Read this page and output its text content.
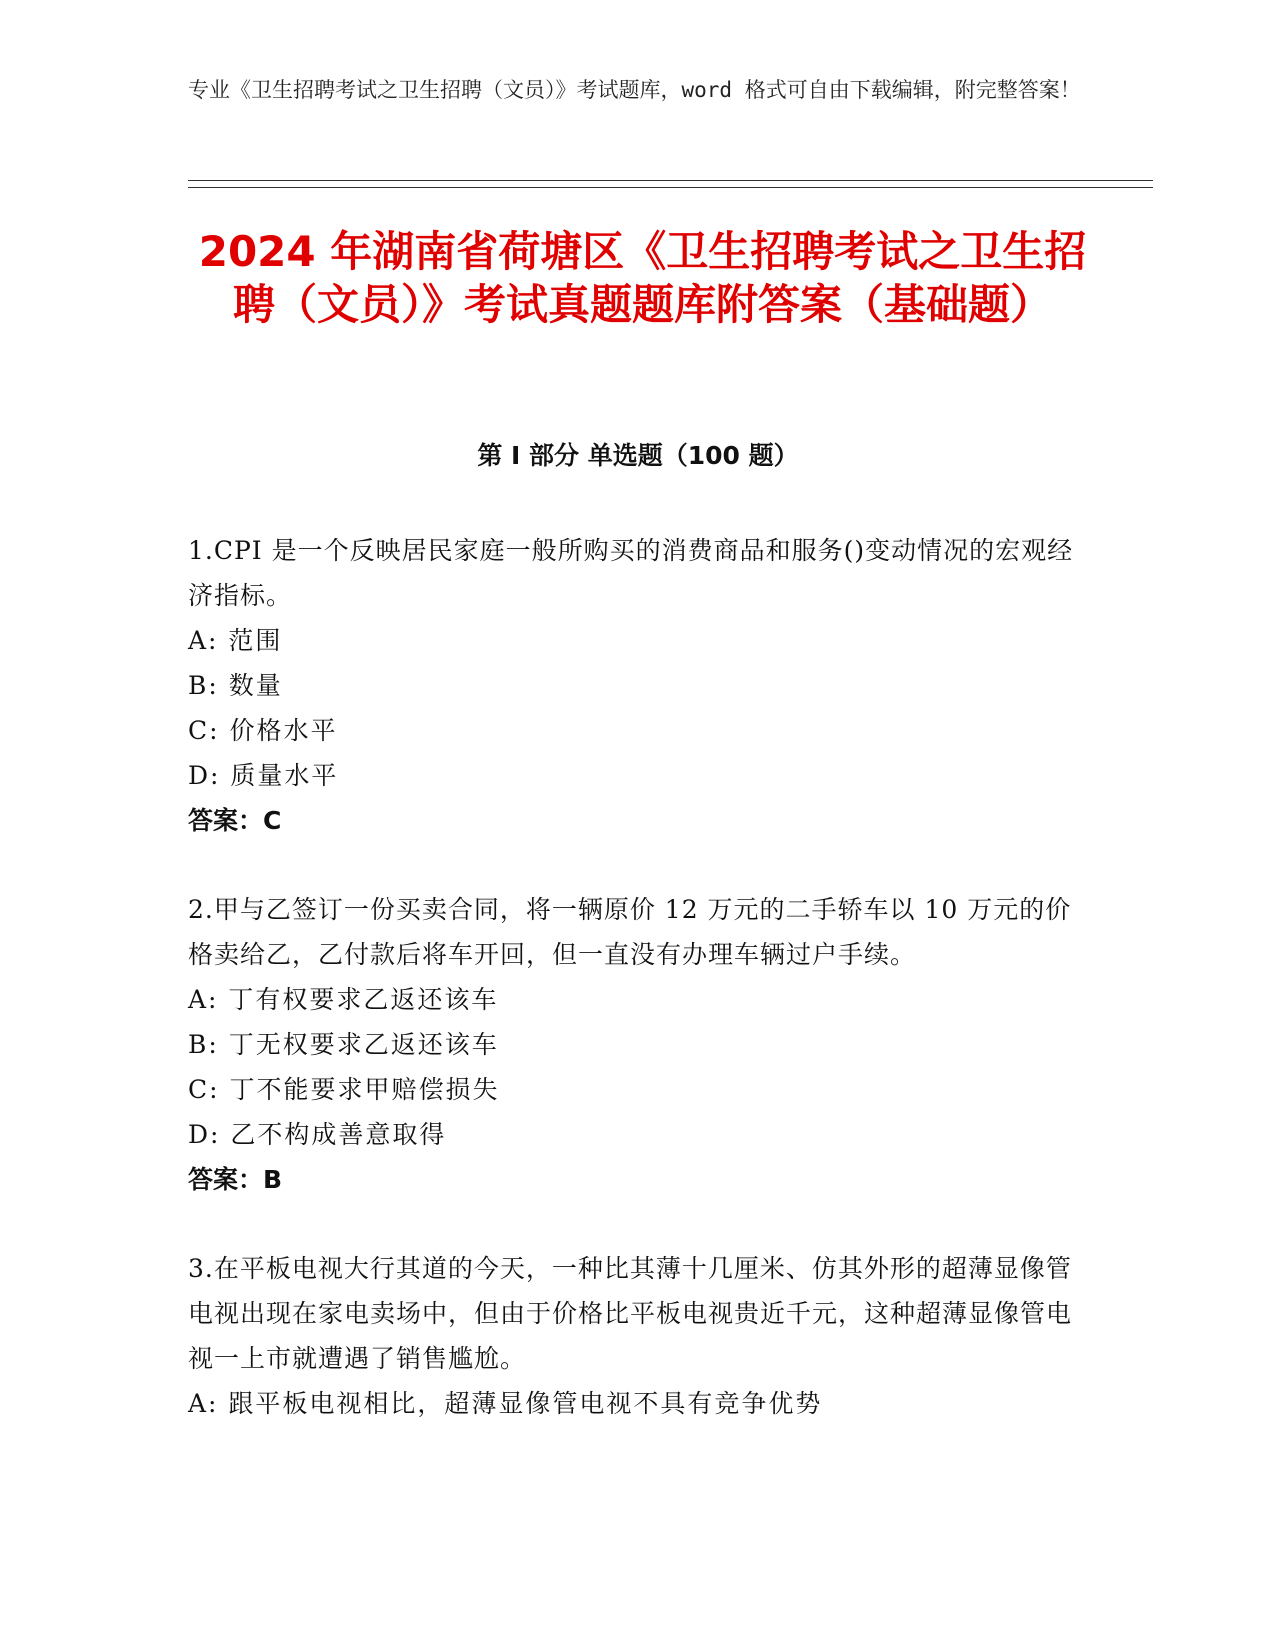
专业《卫生招聘考试之卫生招聘（文员）》考试题库，word 格式可自由下载编辑，附完整答案！
2024 年湖南省荷塘区《卫生招聘考试之卫生招聘（文员）》考试真题题库附答案（基础题）
第 I 部分 单选题（100 题）
1.CPI 是一个反映居民家庭一般所购买的消费商品和服务()变动情况的宏观经济指标。
A: 范围
B: 数量
C: 价格水平
D: 质量水平
答案：C
2.甲与乙签订一份买卖合同，将一辆原价 12 万元的二手轿车以 10 万元的价格卖给乙，乙付款后将车开回，但一直没有办理车辆过户手续。
A: 丁有权要求乙返还该车
B: 丁无权要求乙返还该车
C: 丁不能要求甲赔偿损失
D: 乙不构成善意取得
答案：B
3.在平板电视大行其道的今天，一种比其薄十几厘米、仿其外形的超薄显像管电视出现在家电卖场中，但由于价格比平板电视贵近千元，这种超薄显像管电视一上市就遭遇了销售尴尬。
A: 跟平板电视相比，超薄显像管电视不具有竞争优势
